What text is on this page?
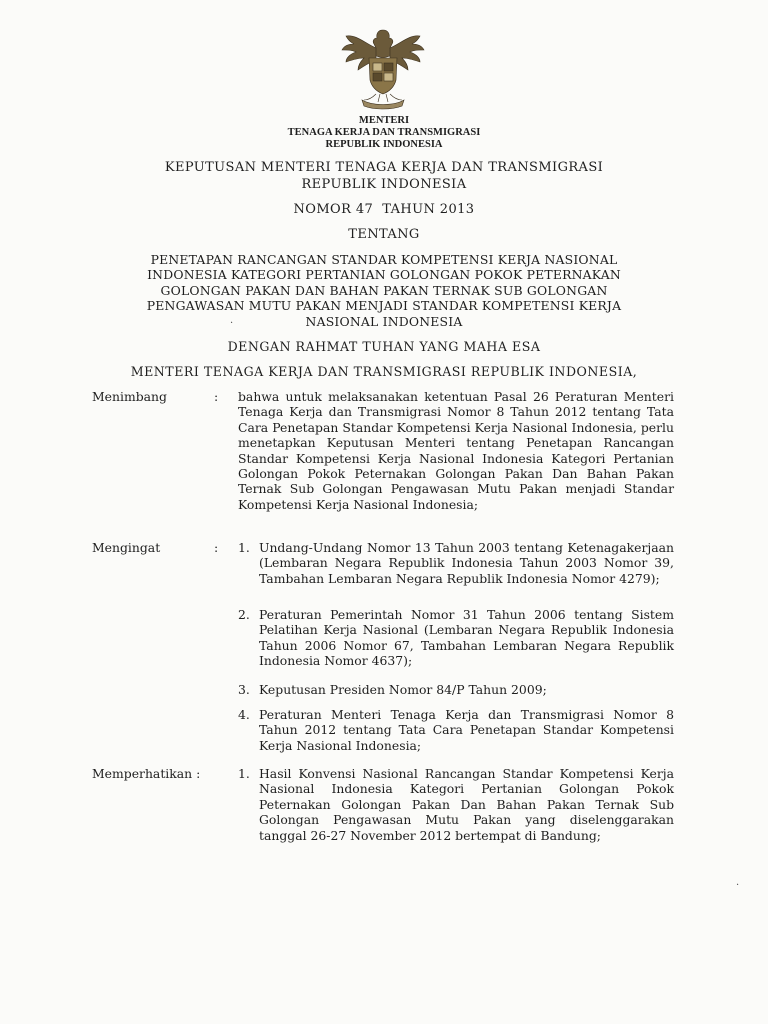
MENTERI
TENAGA KERJA DAN TRANSMIGRASI
REPUBLIK INDONESIA
KEPUTUSAN MENTERI TENAGA KERJA DAN TRANSMIGRASI
REPUBLIK INDONESIA
NOMOR 47  TAHUN 2013
TENTANG
PENETAPAN RANCANGAN STANDAR KOMPETENSI KERJA NASIONAL
INDONESIA KATEGORI PERTANIAN GOLONGAN POKOK PETERNAKAN
GOLONGAN PAKAN DAN BAHAN PAKAN TERNAK SUB GOLONGAN
PENGAWASAN MUTU PAKAN MENJADI STANDAR KOMPETENSI KERJA
NASIONAL INDONESIA
DENGAN RAHMAT TUHAN YANG MAHA ESA
MENTERI TENAGA KERJA DAN TRANSMIGRASI REPUBLIK INDONESIA,
Menimbang	: bahwa untuk melaksanakan ketentuan Pasal 26 Peraturan Menteri Tenaga Kerja dan Transmigrasi Nomor 8 Tahun 2012 tentang Tata Cara Penetapan Standar Kompetensi Kerja Nasional Indonesia, perlu menetapkan Keputusan Menteri tentang Penetapan Rancangan Standar Kompetensi Kerja Nasional Indonesia Kategori Pertanian Golongan Pokok Peternakan Golongan Pakan Dan Bahan Pakan Ternak Sub Golongan Pengawasan Mutu Pakan menjadi Standar Kompetensi Kerja Nasional Indonesia;
Mengingat	: 1. Undang-Undang Nomor 13 Tahun 2003 tentang Ketenagakerjaan (Lembaran Negara Republik Indonesia Tahun 2003 Nomor 39, Tambahan Lembaran Negara Republik Indonesia Nomor 4279);
2. Peraturan Pemerintah Nomor 31 Tahun 2006 tentang Sistem Pelatihan Kerja Nasional (Lembaran Negara Republik Indonesia Tahun 2006 Nomor 67, Tambahan Lembaran Negara Republik Indonesia Nomor 4637);
3. Keputusan Presiden Nomor 84/P Tahun 2009;
4. Peraturan Menteri Tenaga Kerja dan Transmigrasi Nomor 8 Tahun 2012 tentang Tata Cara Penetapan Standar Kompetensi Kerja Nasional Indonesia;
Memperhatikan :	1. Hasil Konvensi Nasional Rancangan Standar Kompetensi Kerja Nasional Indonesia Kategori Pertanian Golongan Pokok Peternakan Golongan Pakan Dan Bahan Pakan Ternak Sub Golongan Pengawasan Mutu Pakan yang diselenggarakan tanggal 26-27 November 2012 bertempat di Bandung;
·
·
